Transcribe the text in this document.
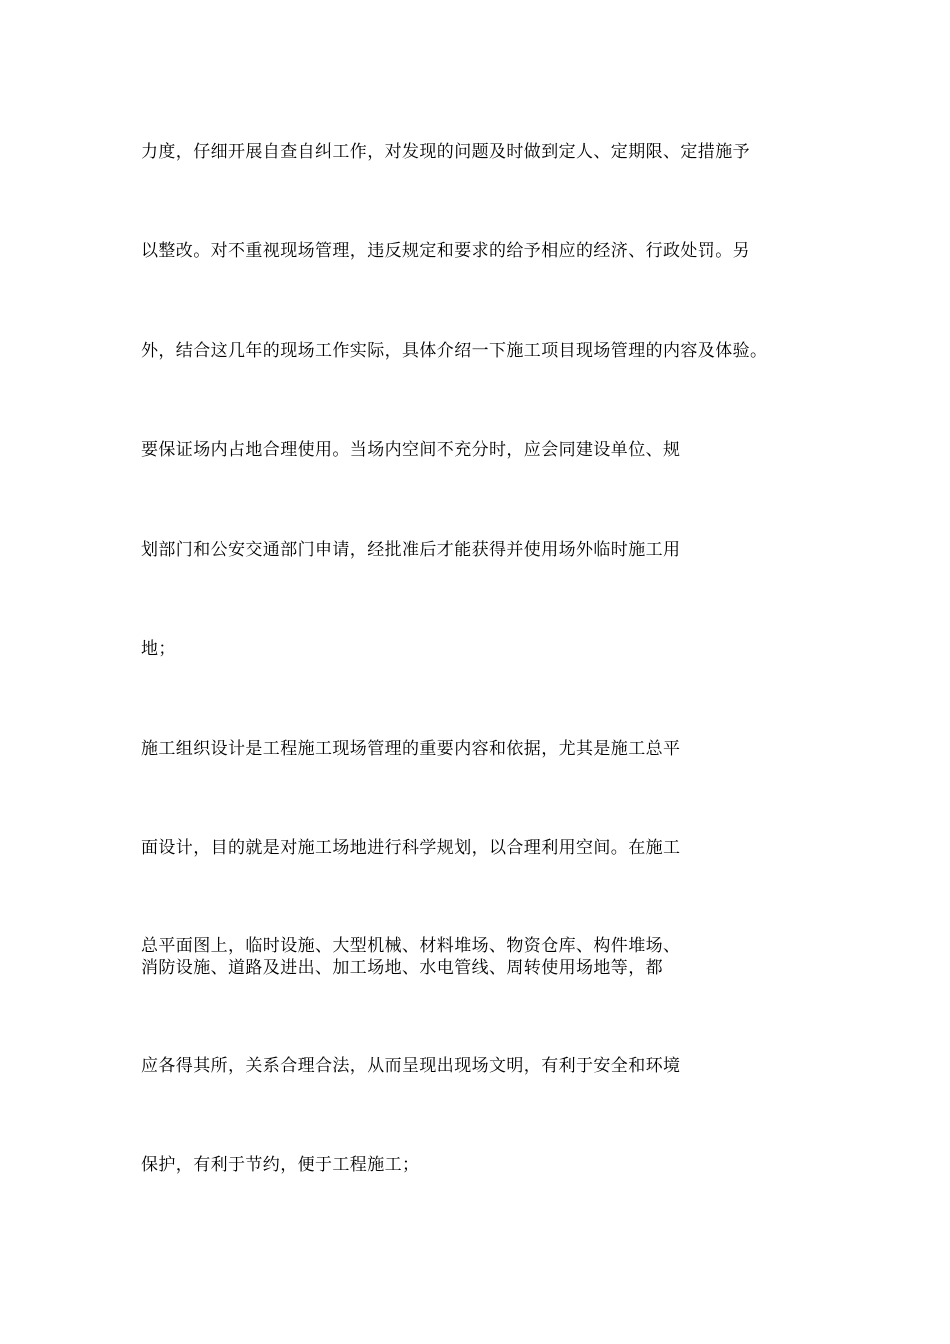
力度，仔细开展自查自纠工作，对发现的问题及时做到定人、定期限、定措施予
以整改。对不重视现场管理，违反规定和要求的给予相应的经济、行政处罚。另
外，结合这几年的现场工作实际，具体介绍一下施工项目现场管理的内容及体验。
要保证场内占地合理使用。当场内空间不充分时，应会同建设单位、规
划部门和公安交通部门申请，经批准后才能获得并使用场外临时施工用
地；
施工组织设计是工程施工现场管理的重要内容和依据，尤其是施工总平
面设计，目的就是对施工场地进行科学规划，以合理利用空间。在施工
总平面图上，临时设施、大型机械、材料堆场、物资仓库、构件堆场、
消防设施、道路及进出、加工场地、水电管线、周转使用场地等，都
应各得其所，关系合理合法，从而呈现出现场文明，有利于安全和环境
保护，有利于节约，便于工程施工；
